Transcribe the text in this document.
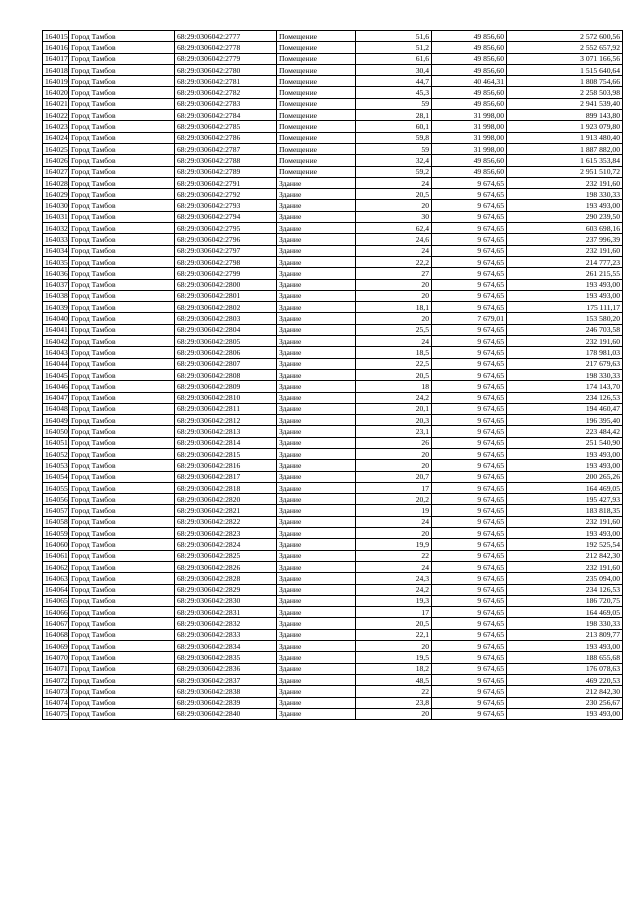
164015	Город Тамбов	68:29:0306042:2777	Помещение	51,6	49 856,60	2 572 600,56
164016	Город Тамбов	68:29:0306042:2778	Помещение	51,2	49 856,60	2 552 657,92
164017	Город Тамбов	68:29:0306042:2779	Помещение	61,6	49 856,60	3 071 166,56
164018	Город Тамбов	68:29:0306042:2780	Помещение	30,4	49 856,60	1 515 640,64
164019	Город Тамбов	68:29:0306042:2781	Помещение	44,7	40 464,31	1 808 754,66
164020	Город Тамбов	68:29:0306042:2782	Помещение	45,3	49 856,60	2 258 503,98
164021	Город Тамбов	68:29:0306042:2783	Помещение	59	49 856,60	2 941 539,40
164022	Город Тамбов	68:29:0306042:2784	Помещение	28,1	31 998,00	899 143,80
164023	Город Тамбов	68:29:0306042:2785	Помещение	60,1	31 998,00	1 923 079,80
164024	Город Тамбов	68:29:0306042:2786	Помещение	59,8	31 998,00	1 913 480,40
164025	Город Тамбов	68:29:0306042:2787	Помещение	59	31 998,00	1 887 882,00
164026	Город Тамбов	68:29:0306042:2788	Помещение	32,4	49 856,60	1 615 353,84
164027	Город Тамбов	68:29:0306042:2789	Помещение	59,2	49 856,60	2 951 510,72
164028	Город Тамбов	68:29:0306042:2791	Здание	24	9 674,65	232 191,60
164029	Город Тамбов	68:29:0306042:2792	Здание	20,5	9 674,65	198 330,33
164030	Город Тамбов	68:29:0306042:2793	Здание	20	9 674,65	193 493,00
164031	Город Тамбов	68:29:0306042:2794	Здание	30	9 674,65	290 239,50
164032	Город Тамбов	68:29:0306042:2795	Здание	62,4	9 674,65	603 698,16
164033	Город Тамбов	68:29:0306042:2796	Здание	24,6	9 674,65	237 996,39
164034	Город Тамбов	68:29:0306042:2797	Здание	24	9 674,65	232 191,60
164035	Город Тамбов	68:29:0306042:2798	Здание	22,2	9 674,65	214 777,23
164036	Город Тамбов	68:29:0306042:2799	Здание	27	9 674,65	261 215,55
164037	Город Тамбов	68:29:0306042:2800	Здание	20	9 674,65	193 493,00
164038	Город Тамбов	68:29:0306042:2801	Здание	20	9 674,65	193 493,00
164039	Город Тамбов	68:29:0306042:2802	Здание	18,1	9 674,65	175 111,17
164040	Город Тамбов	68:29:0306042:2803	Здание	20	7 679,01	153 580,20
164041	Город Тамбов	68:29:0306042:2804	Здание	25,5	9 674,65	246 703,58
164042	Город Тамбов	68:29:0306042:2805	Здание	24	9 674,65	232 191,60
164043	Город Тамбов	68:29:0306042:2806	Здание	18,5	9 674,65	178 981,03
164044	Город Тамбов	68:29:0306042:2807	Здание	22,5	9 674,65	217 679,63
164045	Город Тамбов	68:29:0306042:2808	Здание	20,5	9 674,65	198 330,33
164046	Город Тамбов	68:29:0306042:2809	Здание	18	9 674,65	174 143,70
164047	Город Тамбов	68:29:0306042:2810	Здание	24,2	9 674,65	234 126,53
164048	Город Тамбов	68:29:0306042:2811	Здание	20,1	9 674,65	194 460,47
164049	Город Тамбов	68:29:0306042:2812	Здание	20,3	9 674,65	196 395,40
164050	Город Тамбов	68:29:0306042:2813	Здание	23,1	9 674,65	223 484,42
164051	Город Тамбов	68:29:0306042:2814	Здание	26	9 674,65	251 540,90
164052	Город Тамбов	68:29:0306042:2815	Здание	20	9 674,65	193 493,00
164053	Город Тамбов	68:29:0306042:2816	Здание	20	9 674,65	193 493,00
164054	Город Тамбов	68:29:0306042:2817	Здание	20,7	9 674,65	200 265,26
164055	Город Тамбов	68:29:0306042:2818	Здание	17	9 674,65	164 469,05
164056	Город Тамбов	68:29:0306042:2820	Здание	20,2	9 674,65	195 427,93
164057	Город Тамбов	68:29:0306042:2821	Здание	19	9 674,65	183 818,35
164058	Город Тамбов	68:29:0306042:2822	Здание	24	9 674,65	232 191,60
164059	Город Тамбов	68:29:0306042:2823	Здание	20	9 674,65	193 493,00
164060	Город Тамбов	68:29:0306042:2824	Здание	19,9	9 674,65	192 525,54
164061	Город Тамбов	68:29:0306042:2825	Здание	22	9 674,65	212 842,30
164062	Город Тамбов	68:29:0306042:2826	Здание	24	9 674,65	232 191,60
164063	Город Тамбов	68:29:0306042:2828	Здание	24,3	9 674,65	235 094,00
164064	Город Тамбов	68:29:0306042:2829	Здание	24,2	9 674,65	234 126,53
164065	Город Тамбов	68:29:0306042:2830	Здание	19,3	9 674,65	186 720,75
164066	Город Тамбов	68:29:0306042:2831	Здание	17	9 674,65	164 469,05
164067	Город Тамбов	68:29:0306042:2832	Здание	20,5	9 674,65	198 330,33
164068	Город Тамбов	68:29:0306042:2833	Здание	22,1	9 674,65	213 809,77
164069	Город Тамбов	68:29:0306042:2834	Здание	20	9 674,65	193 493,00
164070	Город Тамбов	68:29:0306042:2835	Здание	19,5	9 674,65	188 655,68
164071	Город Тамбов	68:29:0306042:2836	Здание	18,2	9 674,65	176 078,63
164072	Город Тамбов	68:29:0306042:2837	Здание	48,5	9 674,65	469 220,53
164073	Город Тамбов	68:29:0306042:2838	Здание	22	9 674,65	212 842,30
164074	Город Тамбов	68:29:0306042:2839	Здание	23,8	9 674,65	230 256,67
164075	Город Тамбов	68:29:0306042:2840	Здание	20	9 674,65	193 493,00
